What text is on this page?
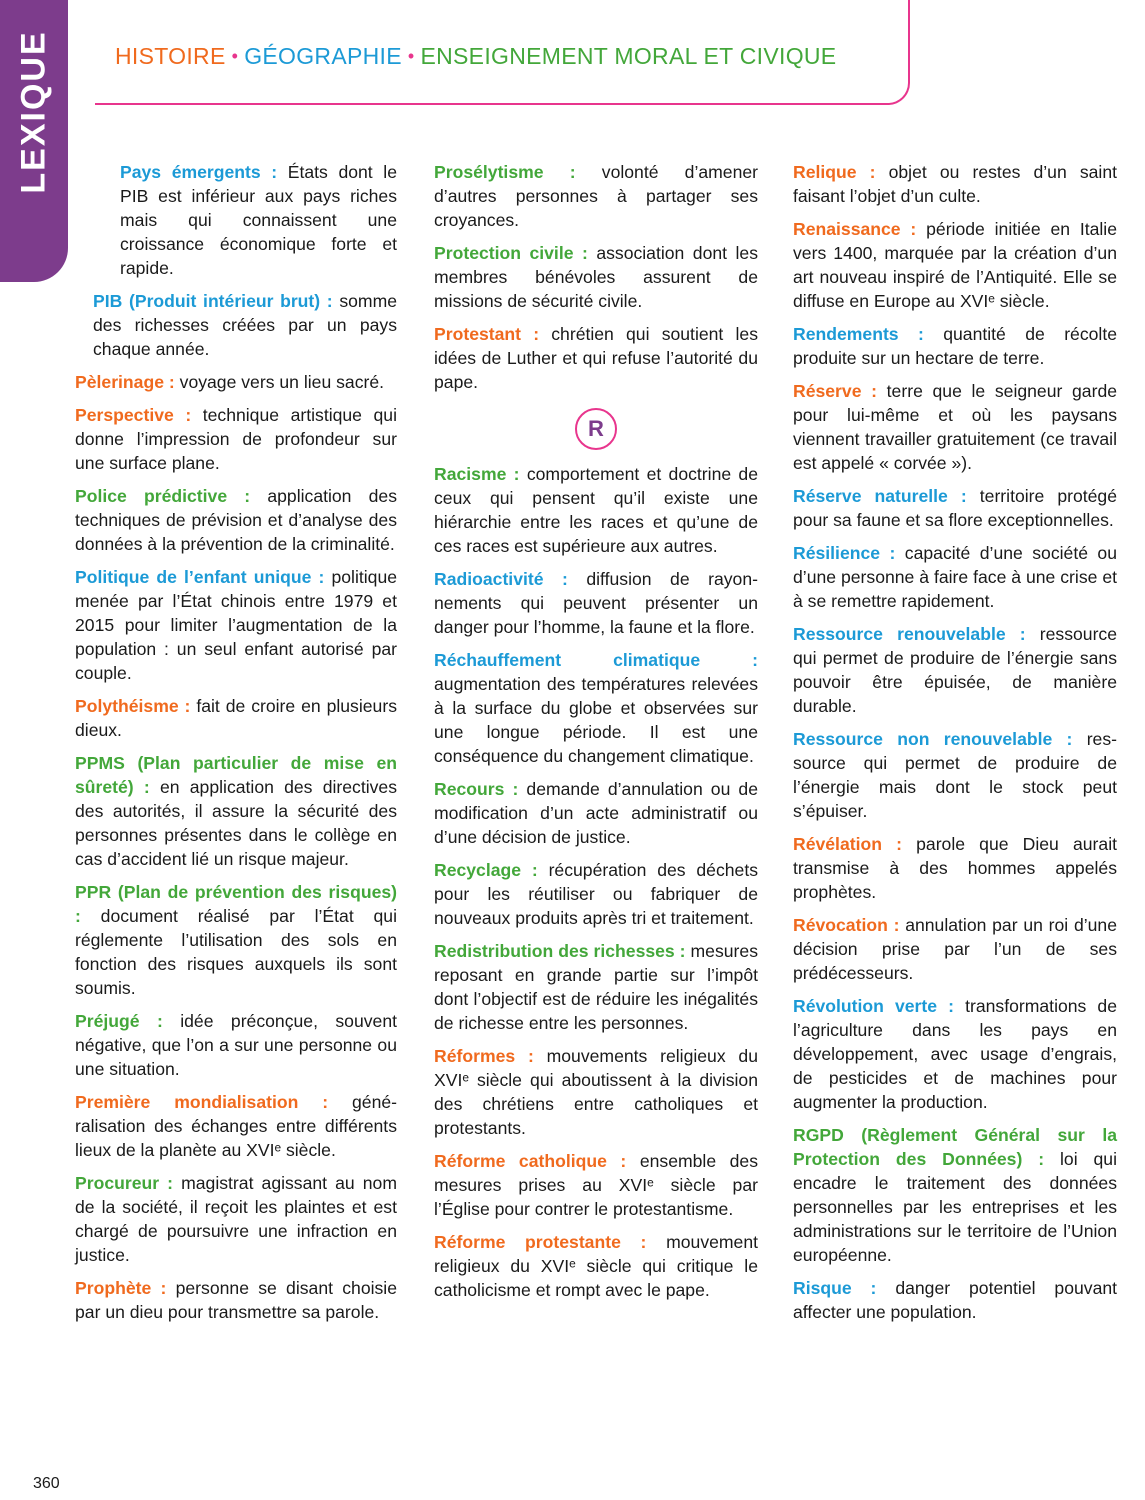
LEXIQUE	HISTOIRE • GÉOGRAPHIE • ENSEIGNEMENT MORAL ET CIVIQUE

Pays émergents : États dont le PIB est inférieur aux pays riches mais qui connaissent une croissance économique forte et rapide.

PIB (Produit intérieur brut) : somme des richesses créées par un pays chaque année.

Pèlerinage : voyage vers un lieu sacré.

Perspective : technique artistique qui donne l’impression de profondeur sur une surface plane.

Police prédictive : application des techniques de prévision et d’analyse des données à la prévention de la criminalité.

Politique de l’enfant unique : politique menée par l’État chinois entre 1979 et 2015 pour limiter l’augmentation de la population : un seul enfant autorisé par couple.

Polythéisme : fait de croire en plusieurs dieux.

PPMS (Plan particulier de mise en sûreté) : en application des directives des autorités, il assure la sécurité des personnes présentes dans le collège en cas d’accident lié un risque majeur.

PPR (Plan de prévention des risques) : document réalisé par l’État qui réglemente l’utilisation des sols en fonction des risques auxquels ils sont soumis.

Préjugé : idée préconçue, souvent négative, que l’on a sur une personne ou une situation.

Première mondialisation : généralisation des échanges entre différents lieux de la planète au XVIᵉ siècle.

Procureur : magistrat agissant au nom de la société, il reçoit les plaintes et est chargé de poursuivre une infraction en justice.

Prophète : personne se disant choisie par un dieu pour transmettre sa parole.

Prosélytisme : volonté d’amener d’autres personnes à partager ses croyances.

Protection civile : association dont les membres bénévoles assurent de missions de sécurité civile.

Protestant : chrétien qui soutient les idées de Luther et qui refuse l’autorité du pape.

R

Racisme : comportement et doctrine de ceux qui pensent qu’il existe une hiérarchie entre les races et qu’une de ces races est supérieure aux autres.

Radioactivité : diffusion de rayonnements qui peuvent présenter un danger pour l’homme, la faune et la flore.

Réchauffement climatique : augmentation des températures relevées à la surface du globe et observées sur une longue période. Il est une conséquence du changement climatique.

Recours : demande d’annulation ou de modification d’un acte administratif ou d’une décision de justice.

Recyclage : récupération des déchets pour les réutiliser ou fabriquer de nouveaux produits après tri et traitement.

Redistribution des richesses : mesures reposant en grande partie sur l’impôt dont l’objectif est de réduire les inégalités de richesse entre les personnes.

Réformes : mouvements religieux du XVIᵉ siècle qui aboutissent à la division des chrétiens entre catholiques et protestants.

Réforme catholique : ensemble des mesures prises au XVIᵉ siècle par l’Église pour contrer le protestantisme.

Réforme protestante : mouvement religieux du XVIᵉ siècle qui critique le catholicisme et rompt avec le pape.

Relique : objet ou restes d’un saint faisant l’objet d’un culte.

Renaissance : période initiée en Italie vers 1400, marquée par la création d’un art nouveau inspiré de l’Antiquité. Elle se diffuse en Europe au XVIᵉ siècle.

Rendements : quantité de récolte produite sur un hectare de terre.

Réserve : terre que le seigneur garde pour lui-même et où les paysans viennent travailler gratuitement (ce travail est appelé « corvée »).

Réserve naturelle : territoire protégé pour sa faune et sa flore exceptionnelles.

Résilience : capacité d’une société ou d’une personne à faire face à une crise et à se remettre rapidement.

Ressource renouvelable : ressource qui permet de produire de l’énergie sans pouvoir être épuisée, de manière durable.

Ressource non renouvelable : ressource qui permet de produire de l’énergie mais dont le stock peut s’épuiser.

Révélation : parole que Dieu aurait transmise à des hommes appelés prophètes.

Révocation : annulation par un roi d’une décision prise par l’un de ses prédécesseurs.

Révolution verte : transformations de l’agriculture dans les pays en développement, avec usage d’engrais, de pesticides et de machines pour augmenter la production.

RGPD (Règlement Général sur la Protection des Données) : loi qui encadre le traitement des données personnelles par les entreprises et les administrations sur le territoire de l’Union européenne.

Risque : danger potentiel pouvant affecter une population.

360
